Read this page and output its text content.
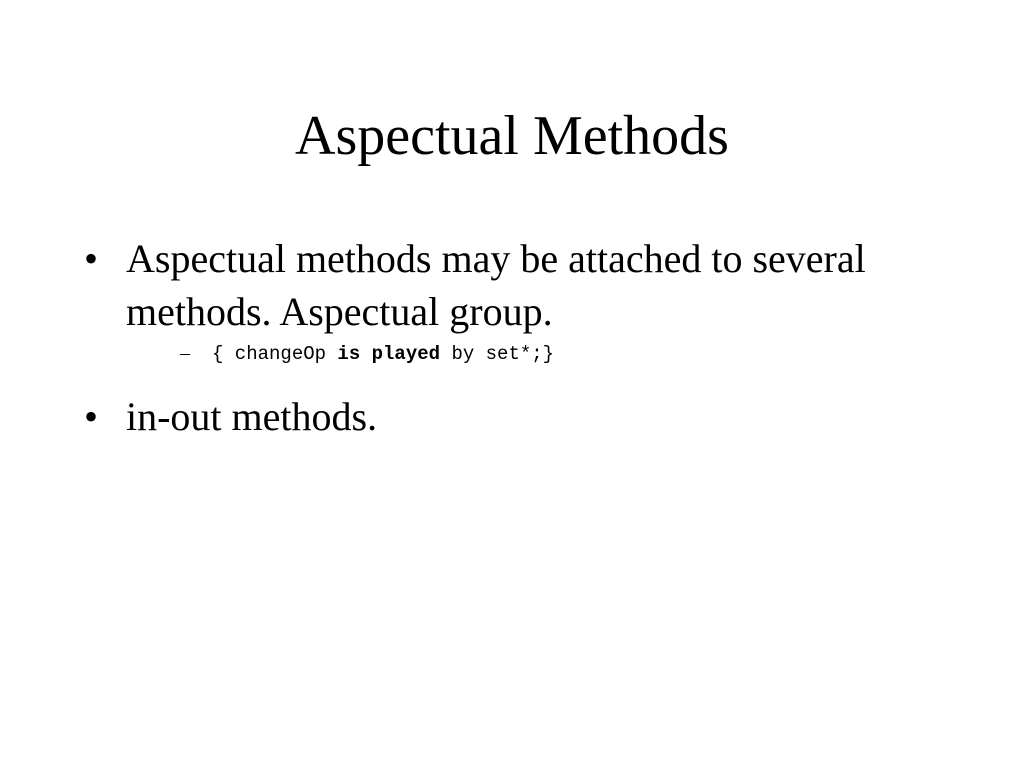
Aspectual Methods
• Aspectual methods may be attached to several methods. Aspectual group.
–	{ changeOp is played by set*;}
• in-out methods.
